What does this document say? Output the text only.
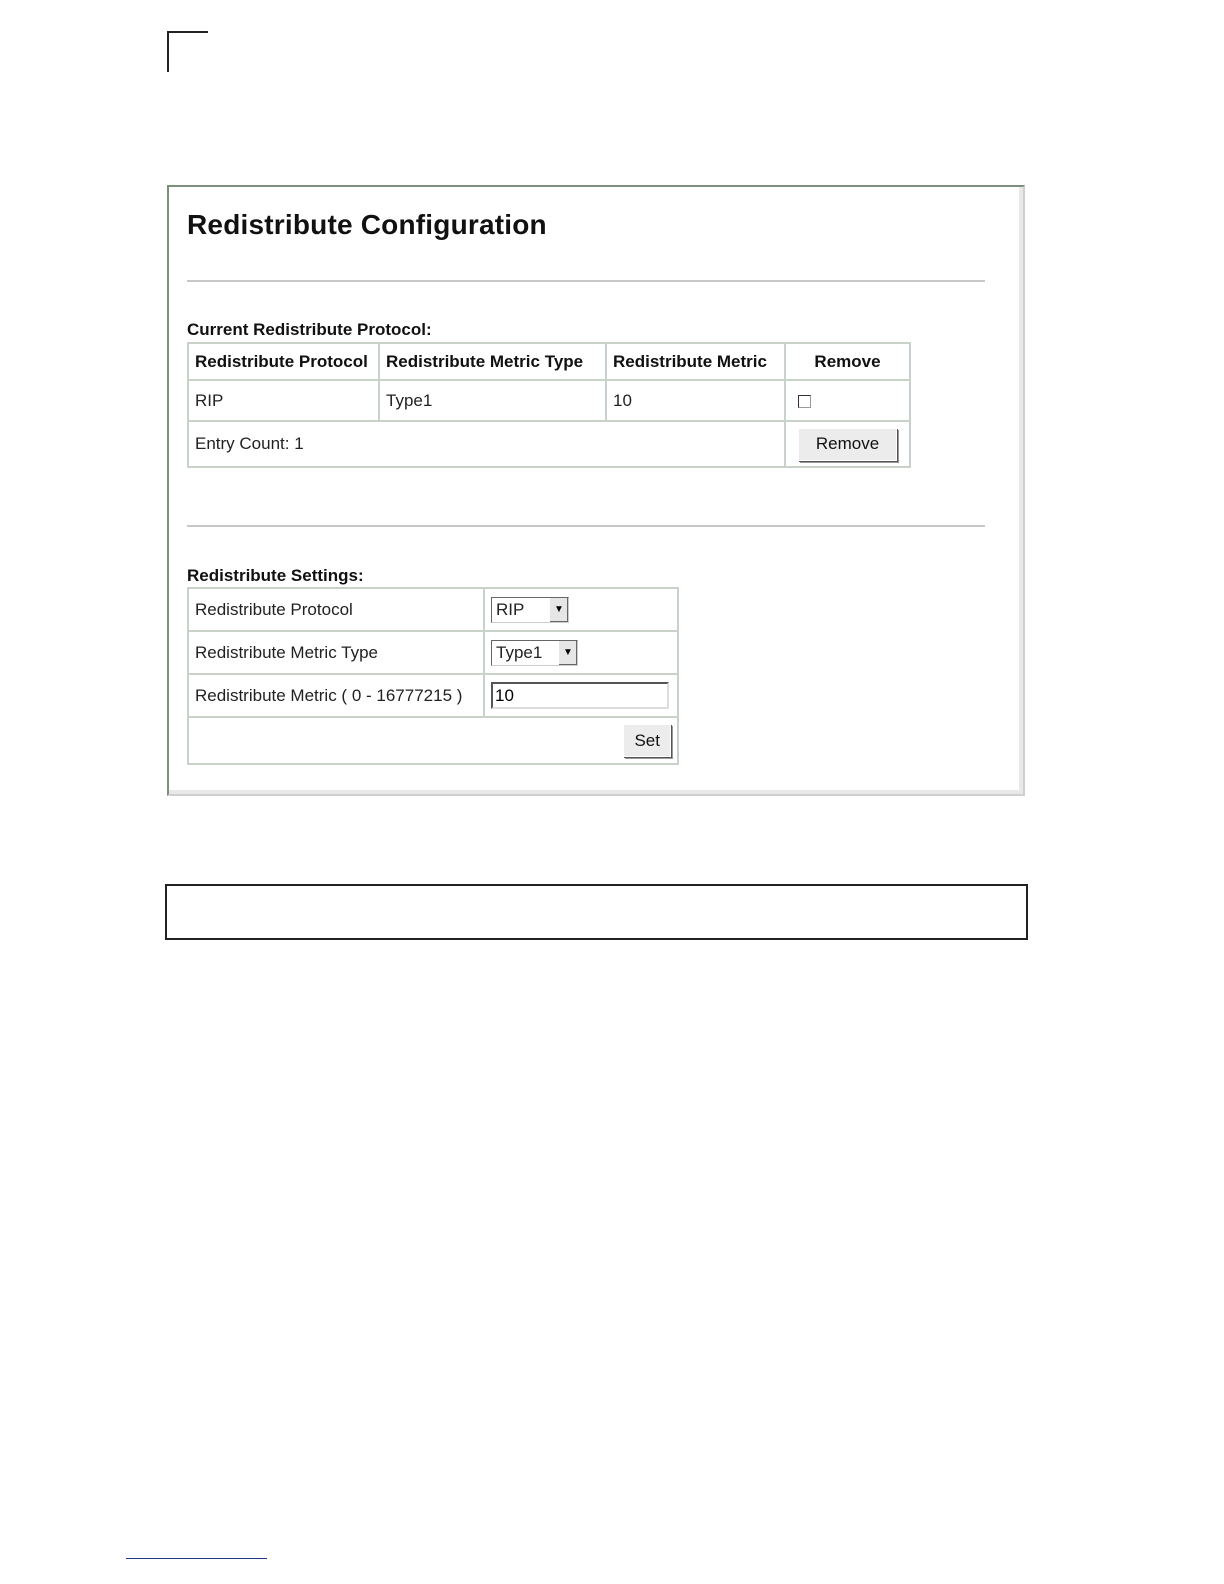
Redistribute Configuration
Current Redistribute Protocol:
Redistribute Protocol	Redistribute Metric Type	Redistribute Metric	Remove
RIP	Type1	10	
Entry Count: 1			Remove
Redistribute Settings:
Redistribute Protocol	RIP ▼

Redistribute Metric Type	Type1 ▼

Redistribute Metric ( 0 - 16777215 )	10
Set	
